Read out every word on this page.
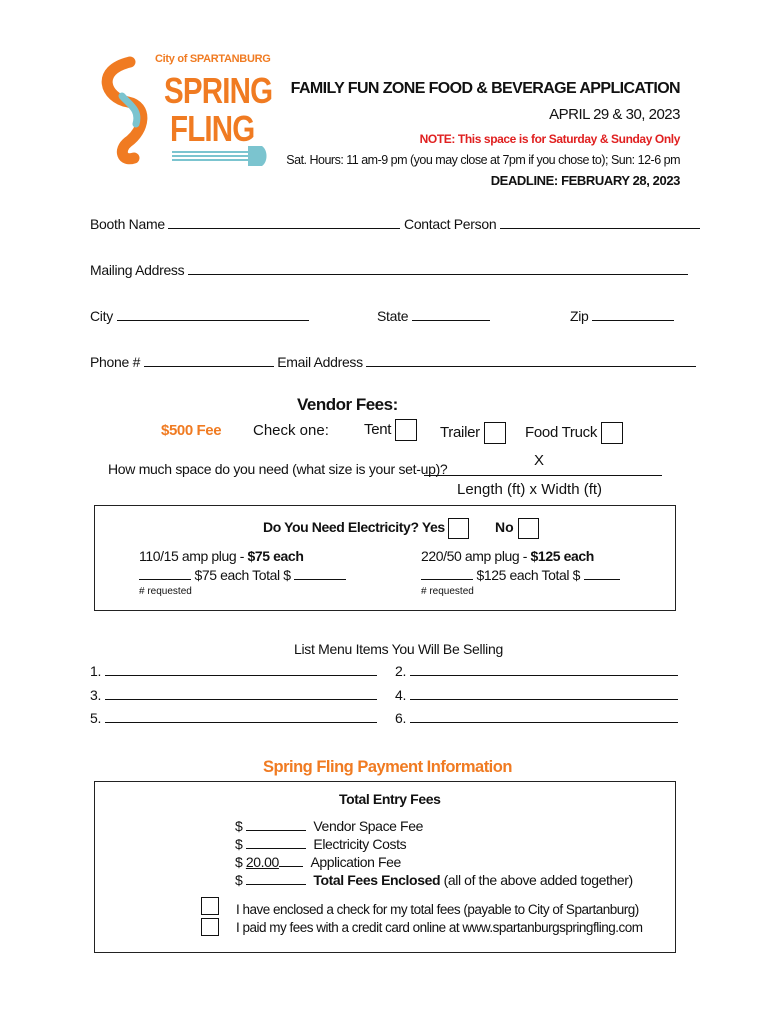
City of SPARTANBURG
SPRING
FLING
FAMILY FUN ZONE FOOD & BEVERAGE APPLICATION
APRIL 29 & 30, 2023
NOTE: This space is for Saturday & Sunday Only
Sat. Hours: 11 am-9 pm (you may close at 7pm if you chose to); Sun: 12-6 pm
DEADLINE: FEBRUARY 28, 2023
Booth Name	Contact Person
Mailing Address
City	State	Zip
Phone #	Email Address
Vendor Fees:
$500 Fee Check one: Tent	Trailer	Food Truck
How much space do you need (what size is your set-up)?	X
Length (ft) x Width (ft)
Do You Need Electricity? Yes	No
110/15 amp plug - $75 each
$75 each Total $
# requested
220/50 amp plug - $125 each
$125 each Total $
# requested
List Menu Items You Will Be Selling
1.	2.
3.	4.
5.	6.
Spring Fling Payment Information
Total Entry Fees
$	Vendor Space Fee
$	Electricity Costs
$ 20.00 Application Fee
$	Total Fees Enclosed (all of the above added together)
I have enclosed a check for my total fees (payable to City of Spartanburg)
I paid my fees with a credit card online at www.spartanburgspringfling.com
